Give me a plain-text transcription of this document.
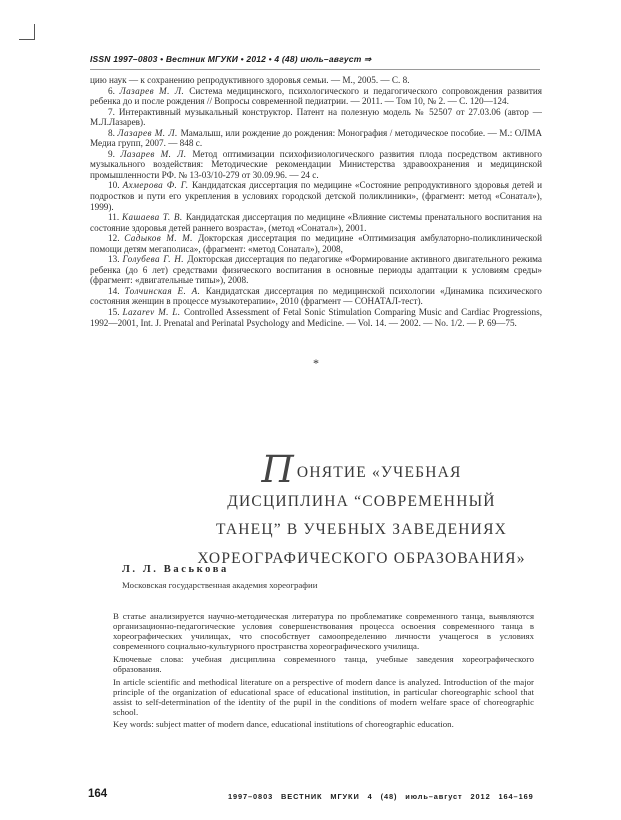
ISSN 1997–0803 • Вестник МГУКИ • 2012 • 4 (48) июль–август ⇒

цию наук — к сохранению репродуктивного здоровья семьи. — М., 2005. — С. 8.

6. Лазарев М. Л. Система медицинского, психологического и педагогического сопровождения развития ребенка до и после рождения // Вопросы современной педиатрии. — 2011. — Том 10, № 2. — С. 120—124.

7. Интерактивный музыкальный конструктор. Патент на полезную модель № 52507 от 27.03.06 (автор — М.Л.Лазарев).

8. Лазарев М. Л. Мамалыш, или рождение до рождения: Монография / методическое пособие. — М.: ОЛМА Медиа групп, 2007. — 848 с.

9. Лазарев М. Л. Метод оптимизации психофизиологического развития плода посредством активного музыкального воздействия: Методические рекомендации Министерства здравоохранения и медицинской промышленности РФ. № 13-03/10-279 от 30.09.96. — 24 с.

10. Ахмерова Ф. Г. Кандидатская диссертация по медицине «Состояние репродуктивного здоровья детей и подростков и пути его укрепления в условиях городской детской поликлиники», (фрагмент: метод «Сонатал»), 1999).

11. Кашаева Т. В. Кандидатская диссертация по медицине «Влияние системы пренатального воспитания на состояние здоровья детей раннего возраста», (метод «Сонатал»), 2001.

12. Садыков М. М. Докторская диссертация по медицине «Оптимизация амбулаторно-поликлинической помощи детям мегаполиса», (фрагмент: «метод Сонатал»), 2008,

13. Голубева Г. Н. Докторская диссертация по педагогике «Формирование активного двигательного режима ребенка (до 6 лет) средствами физического воспитания в основные периоды адаптации к условиям среды» (фрагмент: «двигательные типы»), 2008.

14. Толчинская Е. А. Кандидатская диссертация по медицинской психологии «Динамика психического состояния женщин в процессе музыкотерапии», 2010 (фрагмент — СОНАТАЛ-тест).

15. Lazarev M. L. Controlled Assessment of Fetal Sonic Stimulation Comparing Music and Cardiac Progressions, 1992—2001, Int. J. Prenatal and Perinatal Psychology and Medicine. — Vol. 14. — 2002. — No. 1/2. — P. 69—75.

*
ПОНЯТИЕ «УЧЕБНАЯ
ДИСЦИПЛИНА “СОВРЕМЕННЫЙ
ТАНЕЦ” В УЧЕБНЫХ ЗАВЕДЕНИЯХ
ХОРЕОГРАФИЧЕСКОГО ОБРАЗОВАНИЯ»
Л. Л. Васькова
Московская государственная академия хореографии

В статье анализируется научно-методическая литература по проблематике современного танца, выявляются организационно-педагогические условия совершенствования процесса освоения современного танца в хореографических училищах, что способствует самоопределению личности учащегося в условиях современного социально-культурного пространства хореографического училища.

Ключевые слова: учебная дисциплина современного танца, учебные заведения хореографического образования.

In article scientific and methodical literature on a perspective of modern dance is analyzed. Introduction of the major principle of the organization of educational space of educational institution, in particular choreographic school that assist to self-determination of the identity of the pupil in the conditions of modern welfare space of choreographic school.

Key words: subject matter of modern dance, educational institutions of choreographic education.

164	1997–0803 ВЕСТНИК МГУКИ 4 (48) июль–август 2012 164–169
